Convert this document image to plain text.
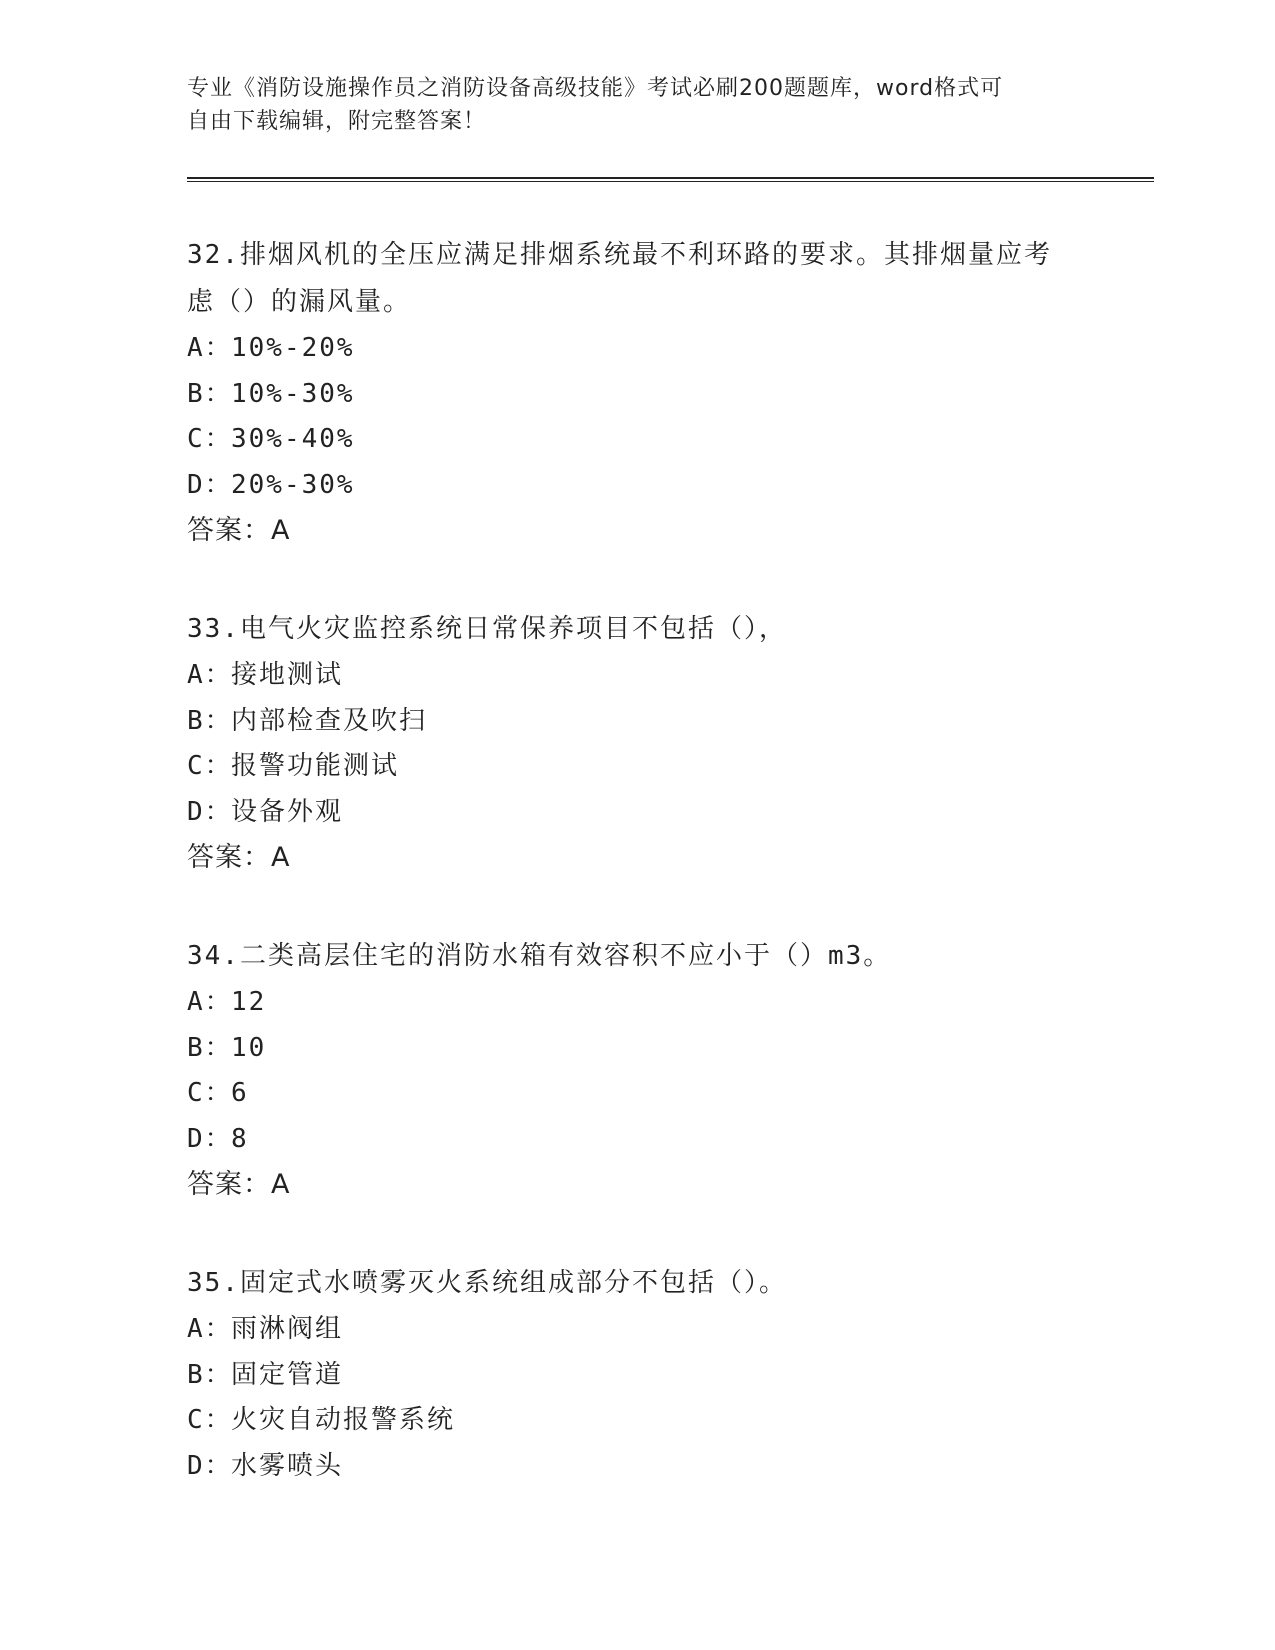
专业《消防设施操作员之消防设备高级技能》考试必刷200题题库，word格式可

自由下载编辑，附完整答案！

32.排烟风机的全压应满足排烟系统最不利环路的要求。其排烟量应考

虑（）的漏风量。

A：10%-20%

B：10%-30%

C：30%-40%

D：20%-30%

答案：A

33.电气火灾监控系统日常保养项目不包括（），

A：接地测试

B：内部检查及吹扫

C：报警功能测试

D：设备外观

答案：A

34.二类高层住宅的消防水箱有效容积不应小于（）m3。

A：12

B：10

C：6

D：8

答案：A

35.固定式水喷雾灭火系统组成部分不包括（）。

A：雨淋阀组

B：固定管道

C：火灾自动报警系统

D：水雾喷头
